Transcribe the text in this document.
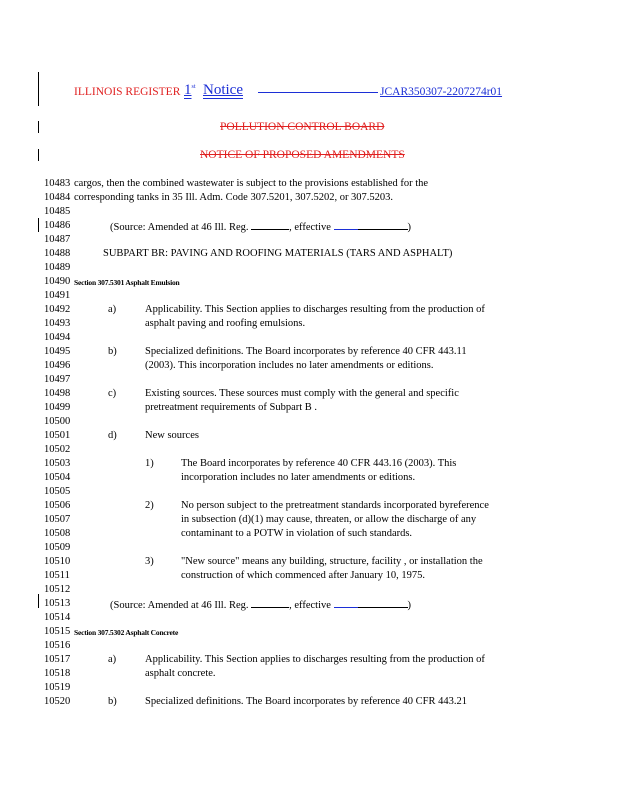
ILLINOIS REGISTER 1st Notice	JCAR350307-2207274r01
POLLUTION CONTROL BOARD
NOTICE OF PROPOSED AMENDMENTS
10483 cargos, then the combined wastewater is subject to the provisions established for the
10484 corresponding tanks in 35 Ill. Adm. Code 307.5201, 307.5202, or 307.5203.
10485
10486	(Source: Amended at 46 Ill. Reg.	, effective	)
10487
10488	SUBPART BR: PAVING AND ROOFING MATERIALS (TARS AND ASPHALT)
10489
10490 Section 307.5301 Asphalt Emulsion
10491
10492	a)	Applicability. This Section applies to discharges resulting from the production of
10493	asphalt paving and roofing emulsions.
10494
10495	b)	Specialized definitions. The Board incorporates by reference 40 CFR 443.11
10496	(2003). This incorporation includes no later amendments or editions.
10497
10498	c)	Existing sources. These sources must comply with the general and specific
10499	pretreatment requirements of Subpart B .
10500
10501	d)	New sources
10502
10503	1)	The Board incorporates by reference 40 CFR 443.16 (2003). This
10504	incorporation includes no later amendments or editions.
10505
10506	2)	No person subject to the pretreatment standards incorporated byreference
10507	in subsection (d)(1) may cause, threaten, or allow the discharge of any
10508	contaminant to a POTW in violation of such standards.
10509
10510	3)	"New source" means any building, structure, facility , or installation the
10511	construction of which commenced after January 10, 1975.
10512
10513	(Source: Amended at 46 Ill. Reg.	, effective	)
10514
10515 Section 307.5302 Asphalt Concrete
10516
10517	a)	Applicability. This Section applies to discharges resulting from the production of
10518	asphalt concrete.
10519
10520	b)	Specialized definitions. The Board incorporates by reference 40 CFR 443.21
